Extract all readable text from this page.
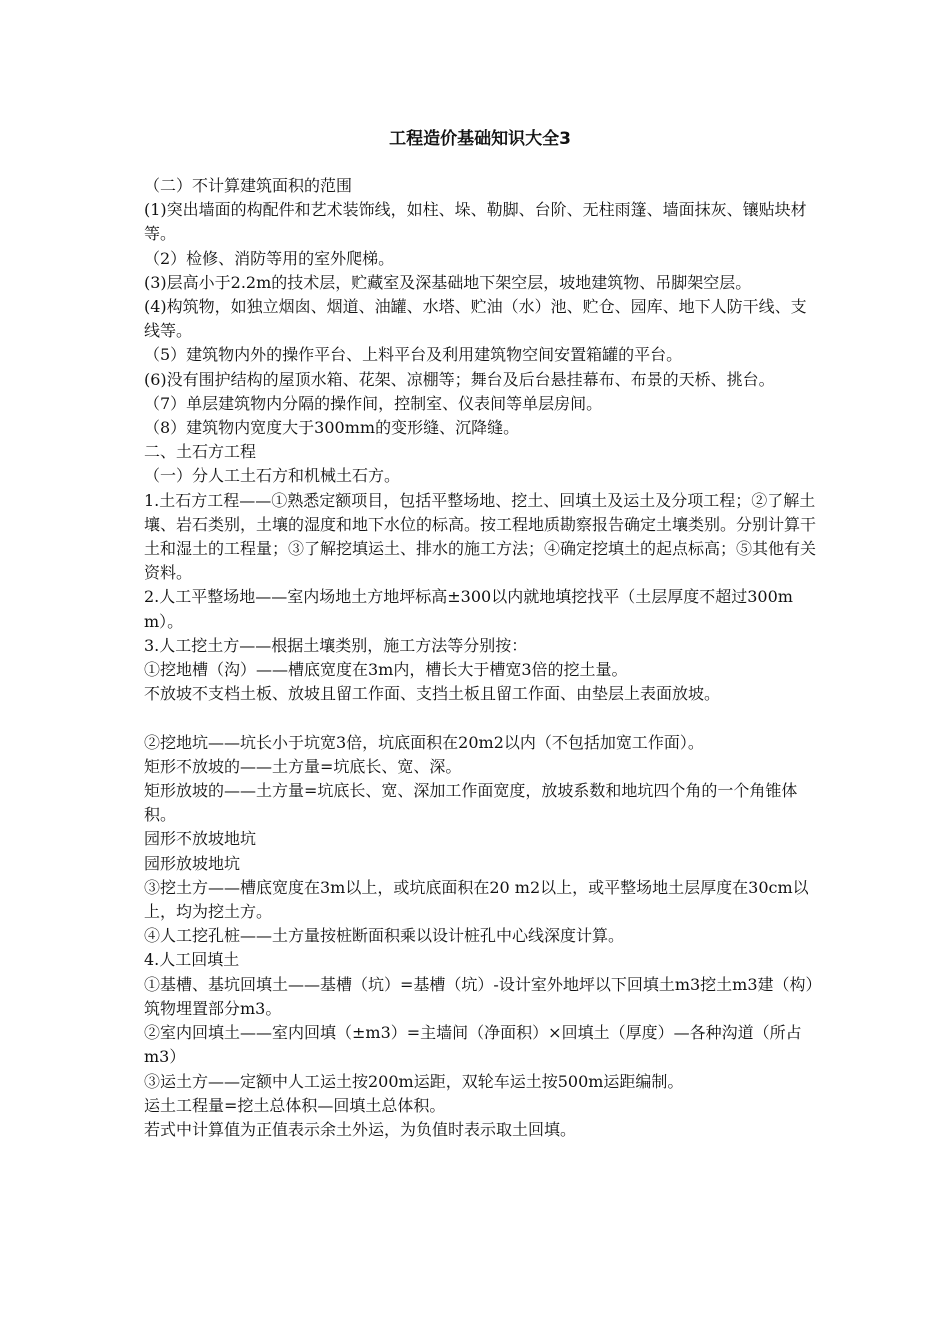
工程造价基础知识大全3

（二）不计算建筑面积的范围

(1)突出墙面的构配件和艺术装饰线，如柱、垛、勒脚、台阶、无柱雨篷、墙面抹灰、镶贴块材等。

（2）检修、消防等用的室外爬梯。

(3)层高小于2.2m的技术层，贮藏室及深基础地下架空层，坡地建筑物、吊脚架空层。

(4)构筑物，如独立烟囱、烟道、油罐、水塔、贮油（水）池、贮仓、园库、地下人防干线、支线等。

（5）建筑物内外的操作平台、上料平台及利用建筑物空间安置箱罐的平台。

(6)没有围护结构的屋顶水箱、花架、凉棚等；舞台及后台悬挂幕布、布景的天桥、挑台。

（7）单层建筑物内分隔的操作间，控制室、仪表间等单层房间。

（8）建筑物内宽度大于300mm的变形缝、沉降缝。

二、土石方工程

（一）分人工土石方和机械土石方。

1.土石方工程——①熟悉定额项目，包括平整场地、挖土、回填土及运土及分项工程；②了解土壤、岩石类别，土壤的湿度和地下水位的标高。按工程地质勘察报告确定土壤类别。分别计算干土和湿土的工程量；③了解挖填运土、排水的施工方法；④确定挖填土的起点标高；⑤其他有关资料。

2.人工平整场地——室内场地土方地坪标高±300以内就地填挖找平（土层厚度不超过300mm）。

3.人工挖土方——根据土壤类别，施工方法等分别按：

①挖地槽（沟）——槽底宽度在3m内，槽长大于槽宽3倍的挖土量。

不放坡不支档土板、放坡且留工作面、支挡土板且留工作面、由垫层上表面放坡。

②挖地坑——坑长小于坑宽3倍，坑底面积在20m2以内（不包括加宽工作面）。

矩形不放坡的——土方量=坑底长、宽、深。

矩形放坡的——土方量=坑底长、宽、深加工作面宽度，放坡系数和地坑四个角的一个角锥体积。

园形不放坡地坑

园形放坡地坑

③挖土方——槽底宽度在3m以上，或坑底面积在20 m2以上，或平整场地土层厚度在30cm以上，均为挖土方。

④人工挖孔桩——土方量按桩断面积乘以设计桩孔中心线深度计算。

4.人工回填土

①基槽、基坑回填土——基槽（坑）=基槽（坑）-设计室外地坪以下回填土m3挖土m3建（构）筑物埋置部分m3。

②室内回填土——室内回填（±m3）=主墙间（净面积）×回填土（厚度）—各种沟道（所占m3）

③运土方——定额中人工运土按200m运距，双轮车运土按500m运距编制。

运土工程量=挖土总体积—回填土总体积。

若式中计算值为正值表示余土外运，为负值时表示取土回填。
